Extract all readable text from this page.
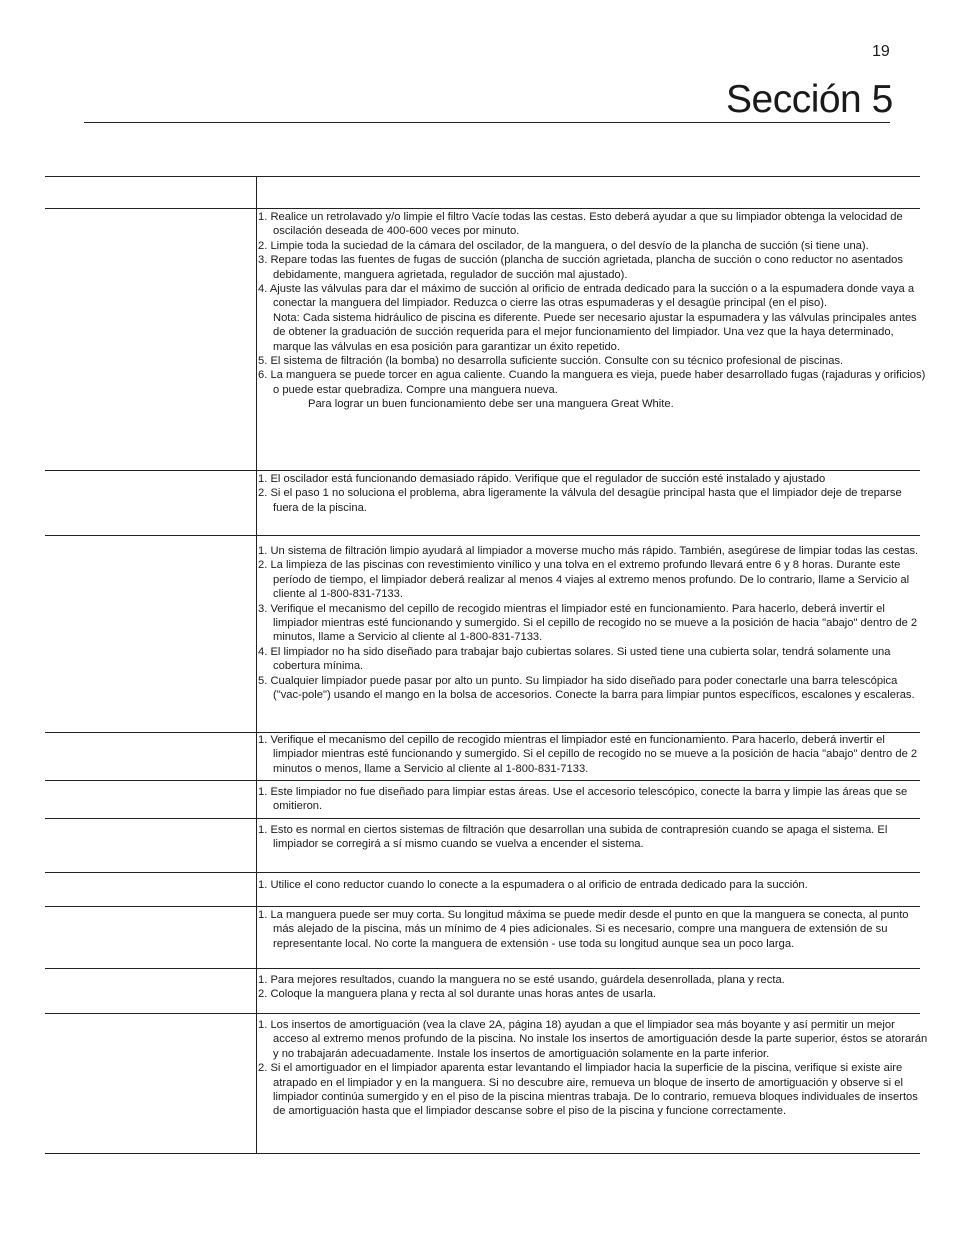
19
Sección 5
1. Realice un retrolavado y/o limpie el filtro Vacíe todas las cestas. Esto deberá ayudar a que su limpiador obtenga la velocidad de oscilación deseada de 400-600 veces por minuto.
2. Limpie toda la suciedad de la cámara del oscilador, de la manguera, o del desvío de la plancha de succión (si tiene una).
3. Repare todas las fuentes de fugas de succión (plancha de succión agrietada, plancha de succión o cono reductor no asentados debidamente, manguera agrietada, regulador de succión mal ajustado).
4. Ajuste las válvulas para dar el máximo de succión al orificio de entrada dedicado para la succión o a la espumadera donde vaya a conectar la manguera del limpiador. Reduzca o cierre las otras espumaderas y el desagüe principal (en el piso).
Nota: Cada sistema hidráulico de piscina es diferente. Puede ser necesario ajustar la espumadera y las válvulas principales antes de obtener la graduación de succión requerida para el mejor funcionamiento del limpiador. Una vez que la haya determinado, marque las válvulas en esa posición para garantizar un éxito repetido.
5. El sistema de filtración (la bomba) no desarrolla suficiente succión. Consulte con su técnico profesional de piscinas.
6. La manguera se puede torcer en agua caliente. Cuando la manguera es vieja, puede haber desarrollado fugas (rajaduras y orificios) o puede estar quebradiza. Compre una manguera nueva.
Para lograr un buen funcionamiento debe ser una manguera Great White.
1. El oscilador está funcionando demasiado rápido. Verifique que el regulador de succión esté instalado y ajustado
2. Si el paso 1 no soluciona el problema, abra ligeramente la válvula del desagüe principal hasta que el limpiador deje de treparse fuera de la piscina.
1. Un sistema de filtración limpio ayudará al limpiador a moverse mucho más rápido. También, asegúrese de limpiar todas las cestas.
2. La limpieza de las piscinas con revestimiento vinílico y una tolva en el extremo profundo llevará entre 6 y 8 horas. Durante este período de tiempo, el limpiador deberá realizar al menos 4 viajes al extremo menos profundo. De lo contrario, llame a Servicio al cliente al 1-800-831-7133.
3. Verifique el mecanismo del cepillo de recogido mientras el limpiador esté en funcionamiento. Para hacerlo, deberá invertir el limpiador mientras esté funcionando y sumergido. Si el cepillo de recogido no se mueve a la posición de hacia "abajo" dentro de 2 minutos, llame a Servicio al cliente al 1-800-831-7133.
4. El limpiador no ha sido diseñado para trabajar bajo cubiertas solares. Si usted tiene una cubierta solar, tendrá solamente una cobertura mínima.
5. Cualquier limpiador puede pasar por alto un punto. Su limpiador ha sido diseñado para poder conectarle una barra telescópica ("vac-pole") usando el mango en la bolsa de accesorios. Conecte la barra para limpiar puntos específicos, escalones y escaleras.
1. Verifique el mecanismo del cepillo de recogido mientras el limpiador esté en funcionamiento. Para hacerlo, deberá invertir el limpiador mientras esté funcionando y sumergido. Si el cepillo de recogido no se mueve a la posición de hacia "abajo" dentro de 2 minutos o menos, llame a Servicio al cliente al 1-800-831-7133.
1. Este limpiador no fue diseñado para limpiar estas áreas. Use el accesorio telescópico, conecte la barra y limpie las áreas que se omitieron.
1. Esto es normal en ciertos sistemas de filtración que desarrollan una subida de contrapresión cuando se apaga el sistema. El limpiador se corregirá a sí mismo cuando se vuelva a encender el sistema.
1. Utilice el cono reductor cuando lo conecte a la espumadera o al orificio de entrada dedicado para la succión.
1. La manguera puede ser muy corta. Su longitud máxima se puede medir desde el punto en que la manguera se conecta, al punto más alejado de la piscina, más un mínimo de 4 pies adicionales. Si es necesario, compre una manguera de extensión de su representante local. No corte la manguera de extensión - use toda su longitud aunque sea un poco larga.
1. Para mejores resultados, cuando la manguera no se esté usando, guárdela desenrollada, plana y recta.
2. Coloque la manguera plana y recta al sol durante unas horas antes de usarla.
1. Los insertos de amortiguación (vea la clave 2A, página 18) ayudan a que el limpiador sea más boyante y así permitir un mejor acceso al extremo menos profundo de la piscina. No instale los insertos de amortiguación desde la parte superior, éstos se atorarán y no trabajarán adecuadamente. Instale los insertos de amortiguación solamente en la parte inferior.
2. Si el amortiguador en el limpiador aparenta estar levantando el limpiador hacia la superficie de la piscina, verifique si existe aire atrapado en el limpiador y en la manguera. Si no descubre aire, remueva un bloque de inserto de amortiguación y observe si el limpiador continúa sumergido y en el piso de la piscina mientras trabaja. De lo contrario, remueva bloques individuales de insertos de amortiguación hasta que el limpiador descanse sobre el piso de la piscina y funcione correctamente.
